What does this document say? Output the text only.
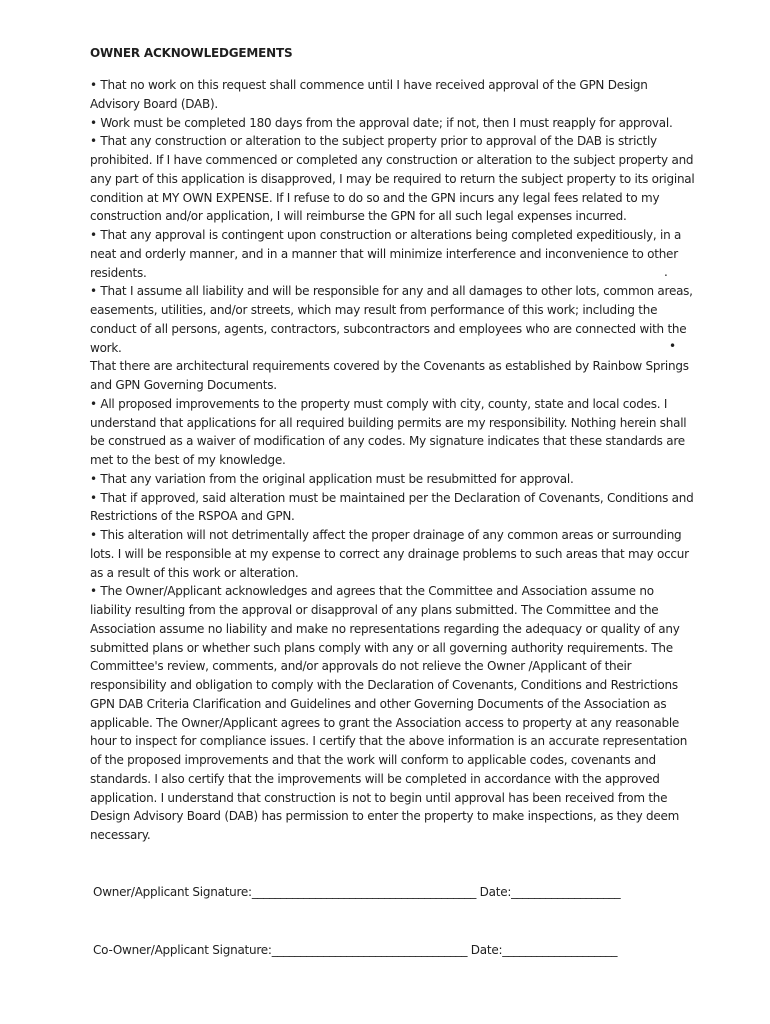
OWNER ACKNOWLEDGEMENTS
• That no work on this request shall commence until I have received approval of the GPN Design
Advisory Board (DAB).
• Work must be completed 180 days from the approval date; if not, then I must reapply for approval.
• That any construction or alteration to the subject property prior to approval of the DAB is strictly
prohibited. If I have commenced or completed any construction or alteration to the subject property and
any part of this application is disapproved, I may be required to return the subject property to its original
condition at MY OWN EXPENSE. If I refuse to do so and the GPN incurs any legal fees related to my
construction and/or application, I will reimburse the GPN for all such legal expenses incurred.
• That any approval is contingent upon construction or alterations being completed expeditiously, in a
neat and orderly manner, and in a manner that will minimize interference and inconvenience to other
residents.
• That I assume all liability and will be responsible for any and all damages to other lots, common areas,
easements, utilities, and/or streets, which may result from performance of this work; including the
conduct of all persons, agents, contractors, subcontractors and employees who are connected with the
work.
That there are architectural requirements covered by the Covenants as established by Rainbow Springs
and GPN Governing Documents.
• All proposed improvements to the property must comply with city, county, state and local codes. I
understand that applications for all required building permits are my responsibility. Nothing herein shall
be construed as a waiver of modification of any codes. My signature indicates that these standards are
met to the best of my knowledge.
• That any variation from the original application must be resubmitted for approval.
• That if approved, said alteration must be maintained per the Declaration of Covenants, Conditions and
Restrictions of the RSPOA and GPN.
• This alteration will not detrimentally affect the proper drainage of any common areas or surrounding
lots. I will be responsible at my expense to correct any drainage problems to such areas that may occur
as a result of this work or alteration.
• The Owner/Applicant acknowledges and agrees that the Committee and Association assume no
liability resulting from the approval or disapproval of any plans submitted. The Committee and the
Association assume no liability and make no representations regarding the adequacy or quality of any
submitted plans or whether such plans comply with any or all governing authority requirements. The
Committee's review, comments, and/or approvals do not relieve the Owner /Applicant of their
responsibility and obligation to comply with the Declaration of Covenants, Conditions and Restrictions
GPN DAB Criteria Clarification and Guidelines and other Governing Documents of the Association as
applicable. The Owner/Applicant agrees to grant the Association access to property at any reasonable
hour to inspect for compliance issues. I certify that the above information is an accurate representation
of the proposed improvements and that the work will conform to applicable codes, covenants and
standards. I also certify that the improvements will be completed in accordance with the approved
application. I understand that construction is not to begin until approval has been received from the
Design Advisory Board (DAB) has permission to enter the property to make inspections, as they deem
necessary.
.
•
Owner/Applicant Signature:_______________________________________ Date:___________________
Co-Owner/Applicant Signature:__________________________________ Date:____________________
